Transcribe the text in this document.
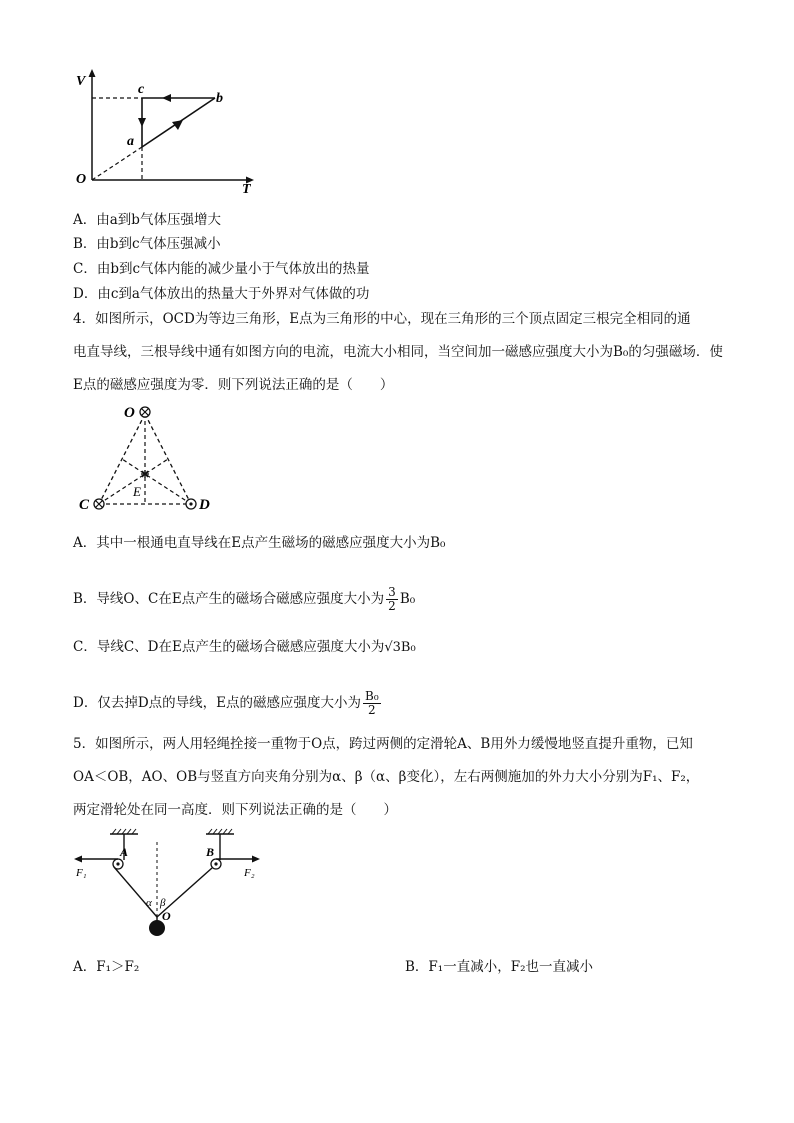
V
T
O
c
b
a
A．由a到b气体压强增大
B．由b到c气体压强减小
C．由b到c气体内能的减少量小于气体放出的热量
D．由c到a气体放出的热量大于外界对气体做的功
4．如图所示，OCD为等边三角形，E点为三角形的中心，现在三角形的三个顶点固定三根完全相同的通
电直导线，三根导线中通有如图方向的电流，电流大小相同，当空间加一磁感应强度大小为B₀的匀强磁场．使
E点的磁感应强度为零．则下列说法正确的是（　　）
O
C	D
E
A．其中一根通电直导线在E点产生磁场的磁感应强度大小为B₀
B．导线O、C在E点产生的磁场合磁感应强度大小为 $\frac{3}{2} B_0$
C．导线C、D在E点产生的磁场合磁感应强度大小为√3B₀
D．仅去掉D点的导线，E点的磁感应强度大小为 $\frac{\text{B₀}}{2}$
5．如图所示，两人用轻绳拴接一重物于O点，跨过两侧的定滑轮A、B用外力缓慢地竖直提升重物，已知
OA＜OB，AO、OB与竖直方向夹角分别为α、β（α、β变化），左右两侧施加的外力大小分别为F₁、F₂，
两定滑轮处在同一高度．则下列说法正确的是（　　）
A	B
O
F₁	F₂
α β
A．F₁＞F₂	B．F₁一直减小，F₂也一直减小
